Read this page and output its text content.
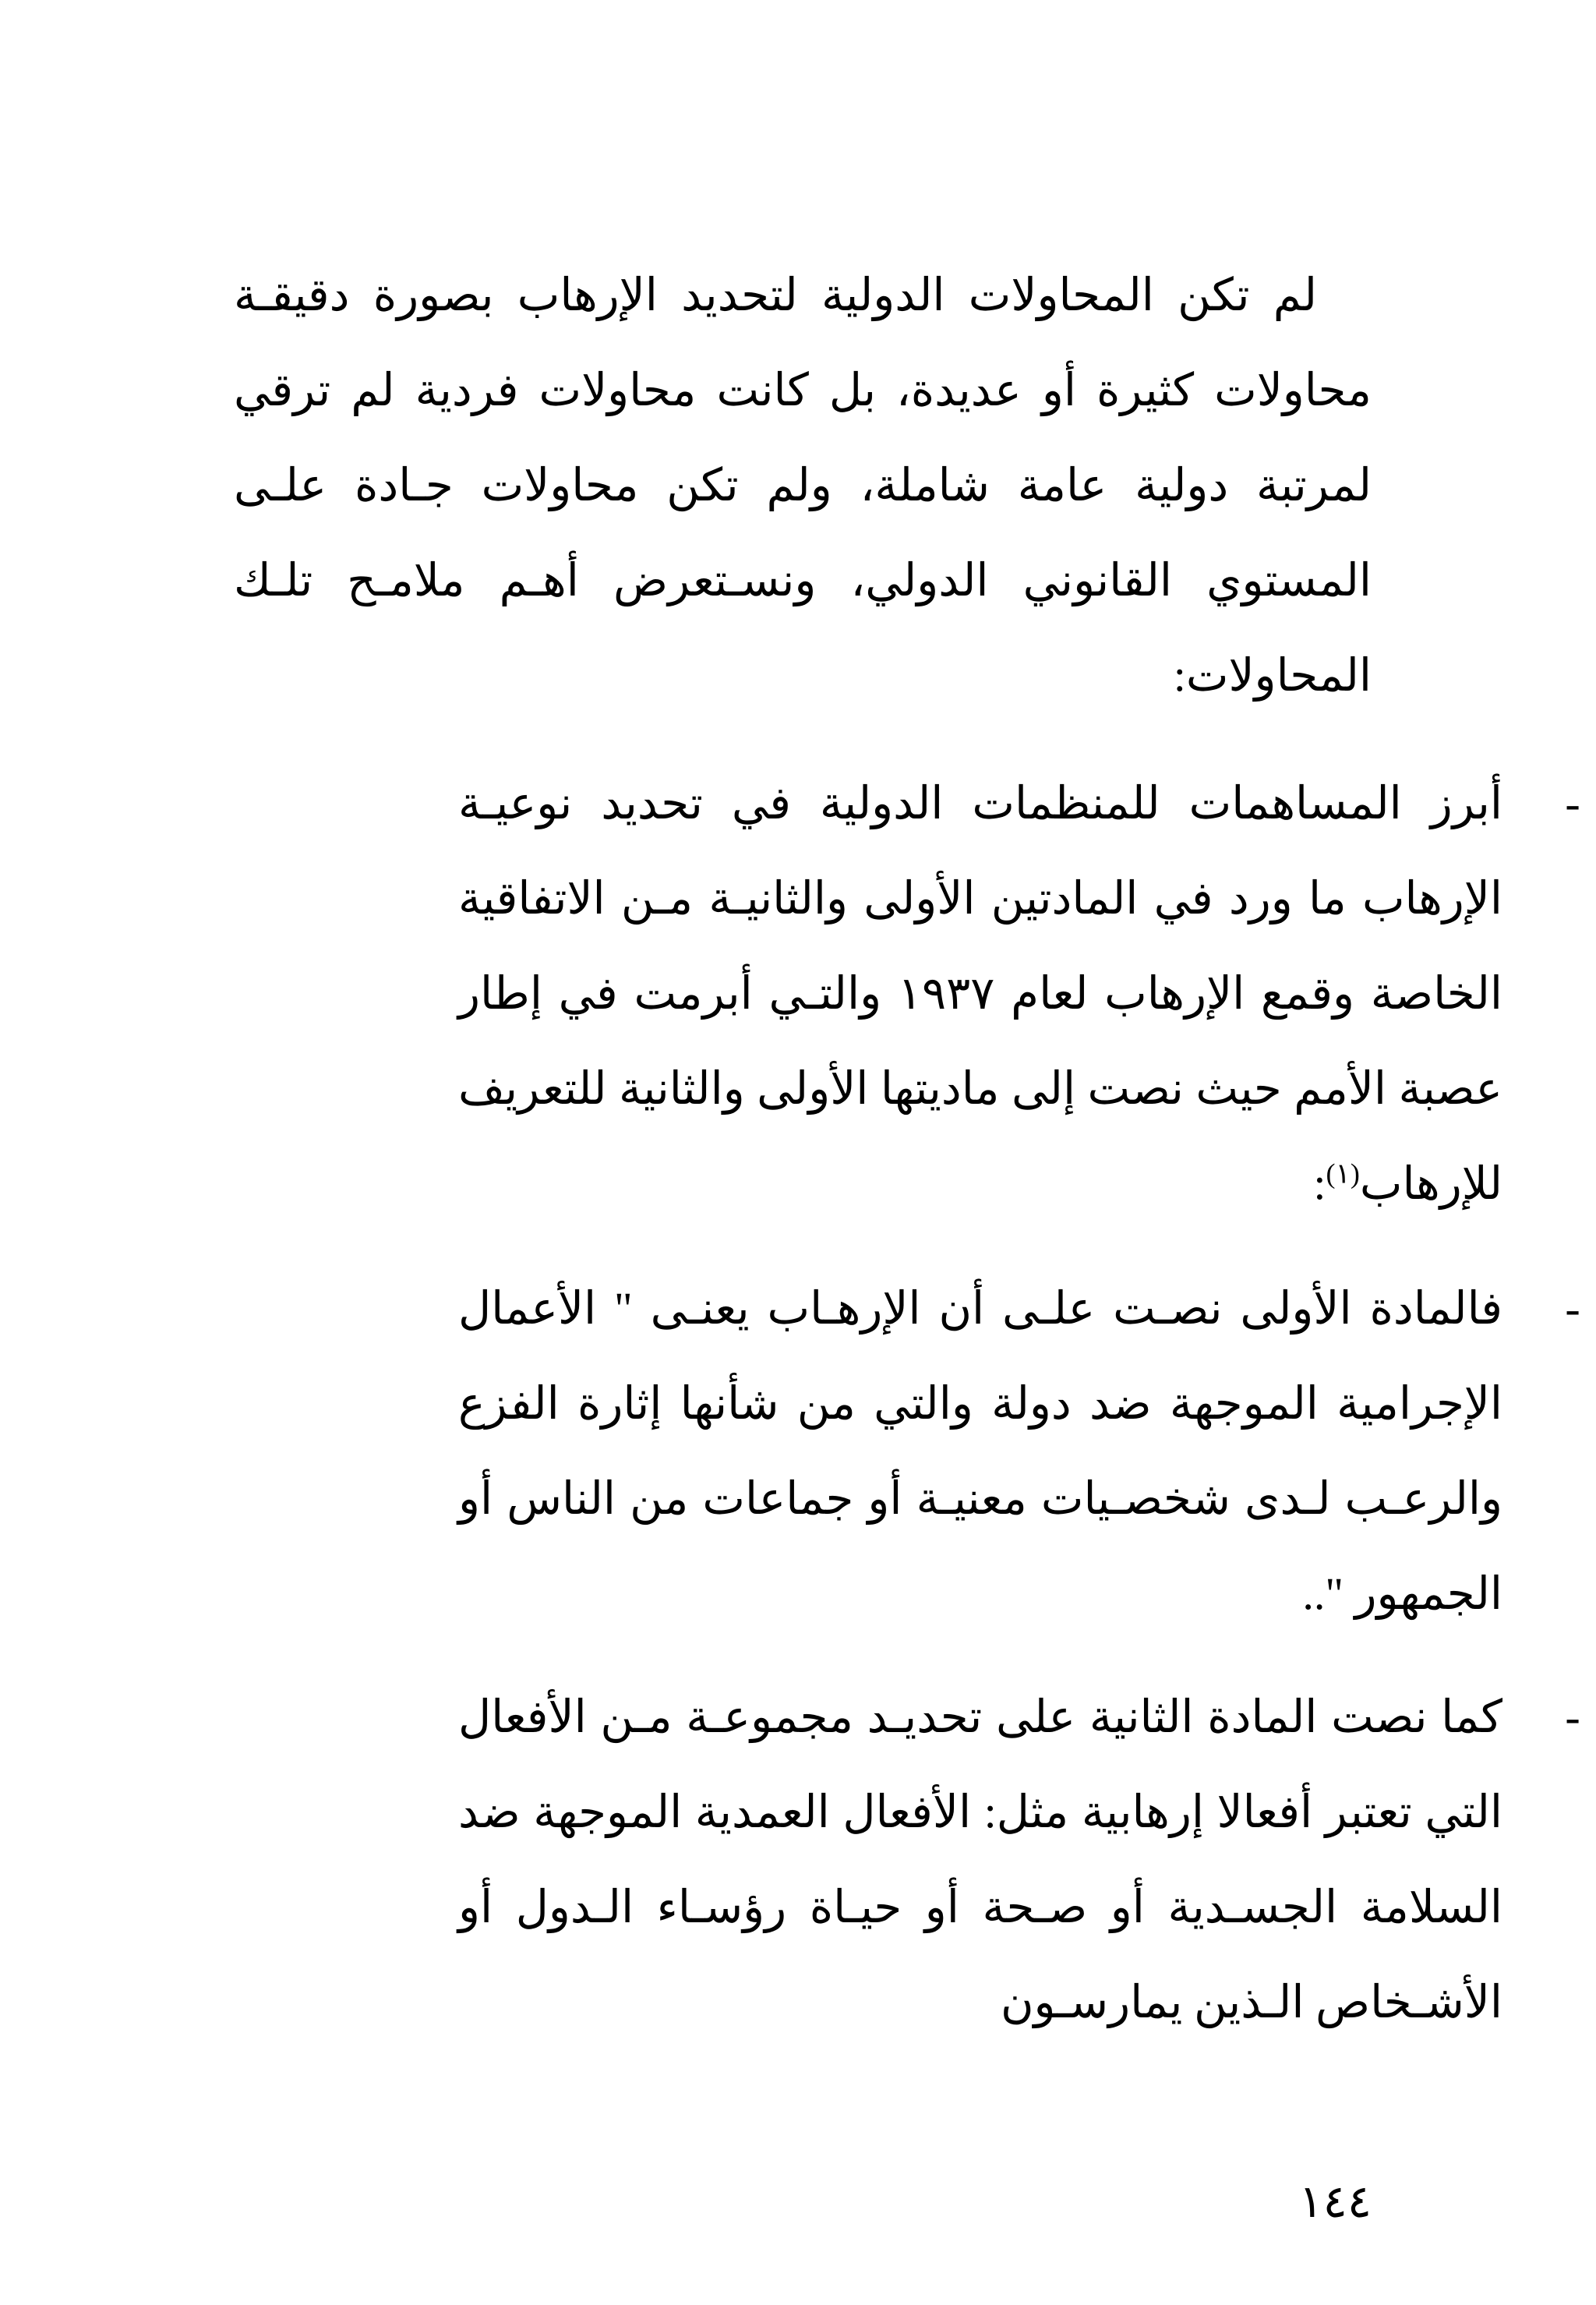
لم تكن المحاولات الدولية لتحديد الإرهاب بصورة دقيقـة محاولات كثيرة أو عديدة، بل كانت محاولات فردية لم ترقي لمرتبة دولية عامة شاملة، ولم تكن محاولات جـادة علـى المستوي القانوني الدولي، ونسـتعرض أهـم ملامـح تلـك المحاولات:

-

أبرز المساهمات للمنظمات الدولية في تحديد نوعيـة الإرهاب ما ورد في المادتين الأولى والثانيـة مـن الاتفاقية الخاصة وقمع الإرهاب لعام ١٩٣٧ والتـي أبرمت في إطار عصبة الأمم حيث نصت إلى ماديتها الأولى والثانية للتعريف للإرهاب$^{(١)}$:

-

فالمادة الأولى نصـت علـى أن الإرهـاب يعنـى " الأعمال الإجرامية الموجهة ضد دولة والتي من شأنها إثارة الفزع والرعـب لـدى شخصـيات معنيـة أو جماعات من الناس أو الجمهور "..

-

كما نصت المادة الثانية على تحديـد مجموعـة مـن الأفعال التي تعتبر أفعالا إرهابية مثل: الأفعال العمدية الموجهة ضد السلامة الجسـدية أو صـحة أو حيـاة رؤسـاء الـدول أو الأشـخاص الـذين يمارسـون

١٤٤
